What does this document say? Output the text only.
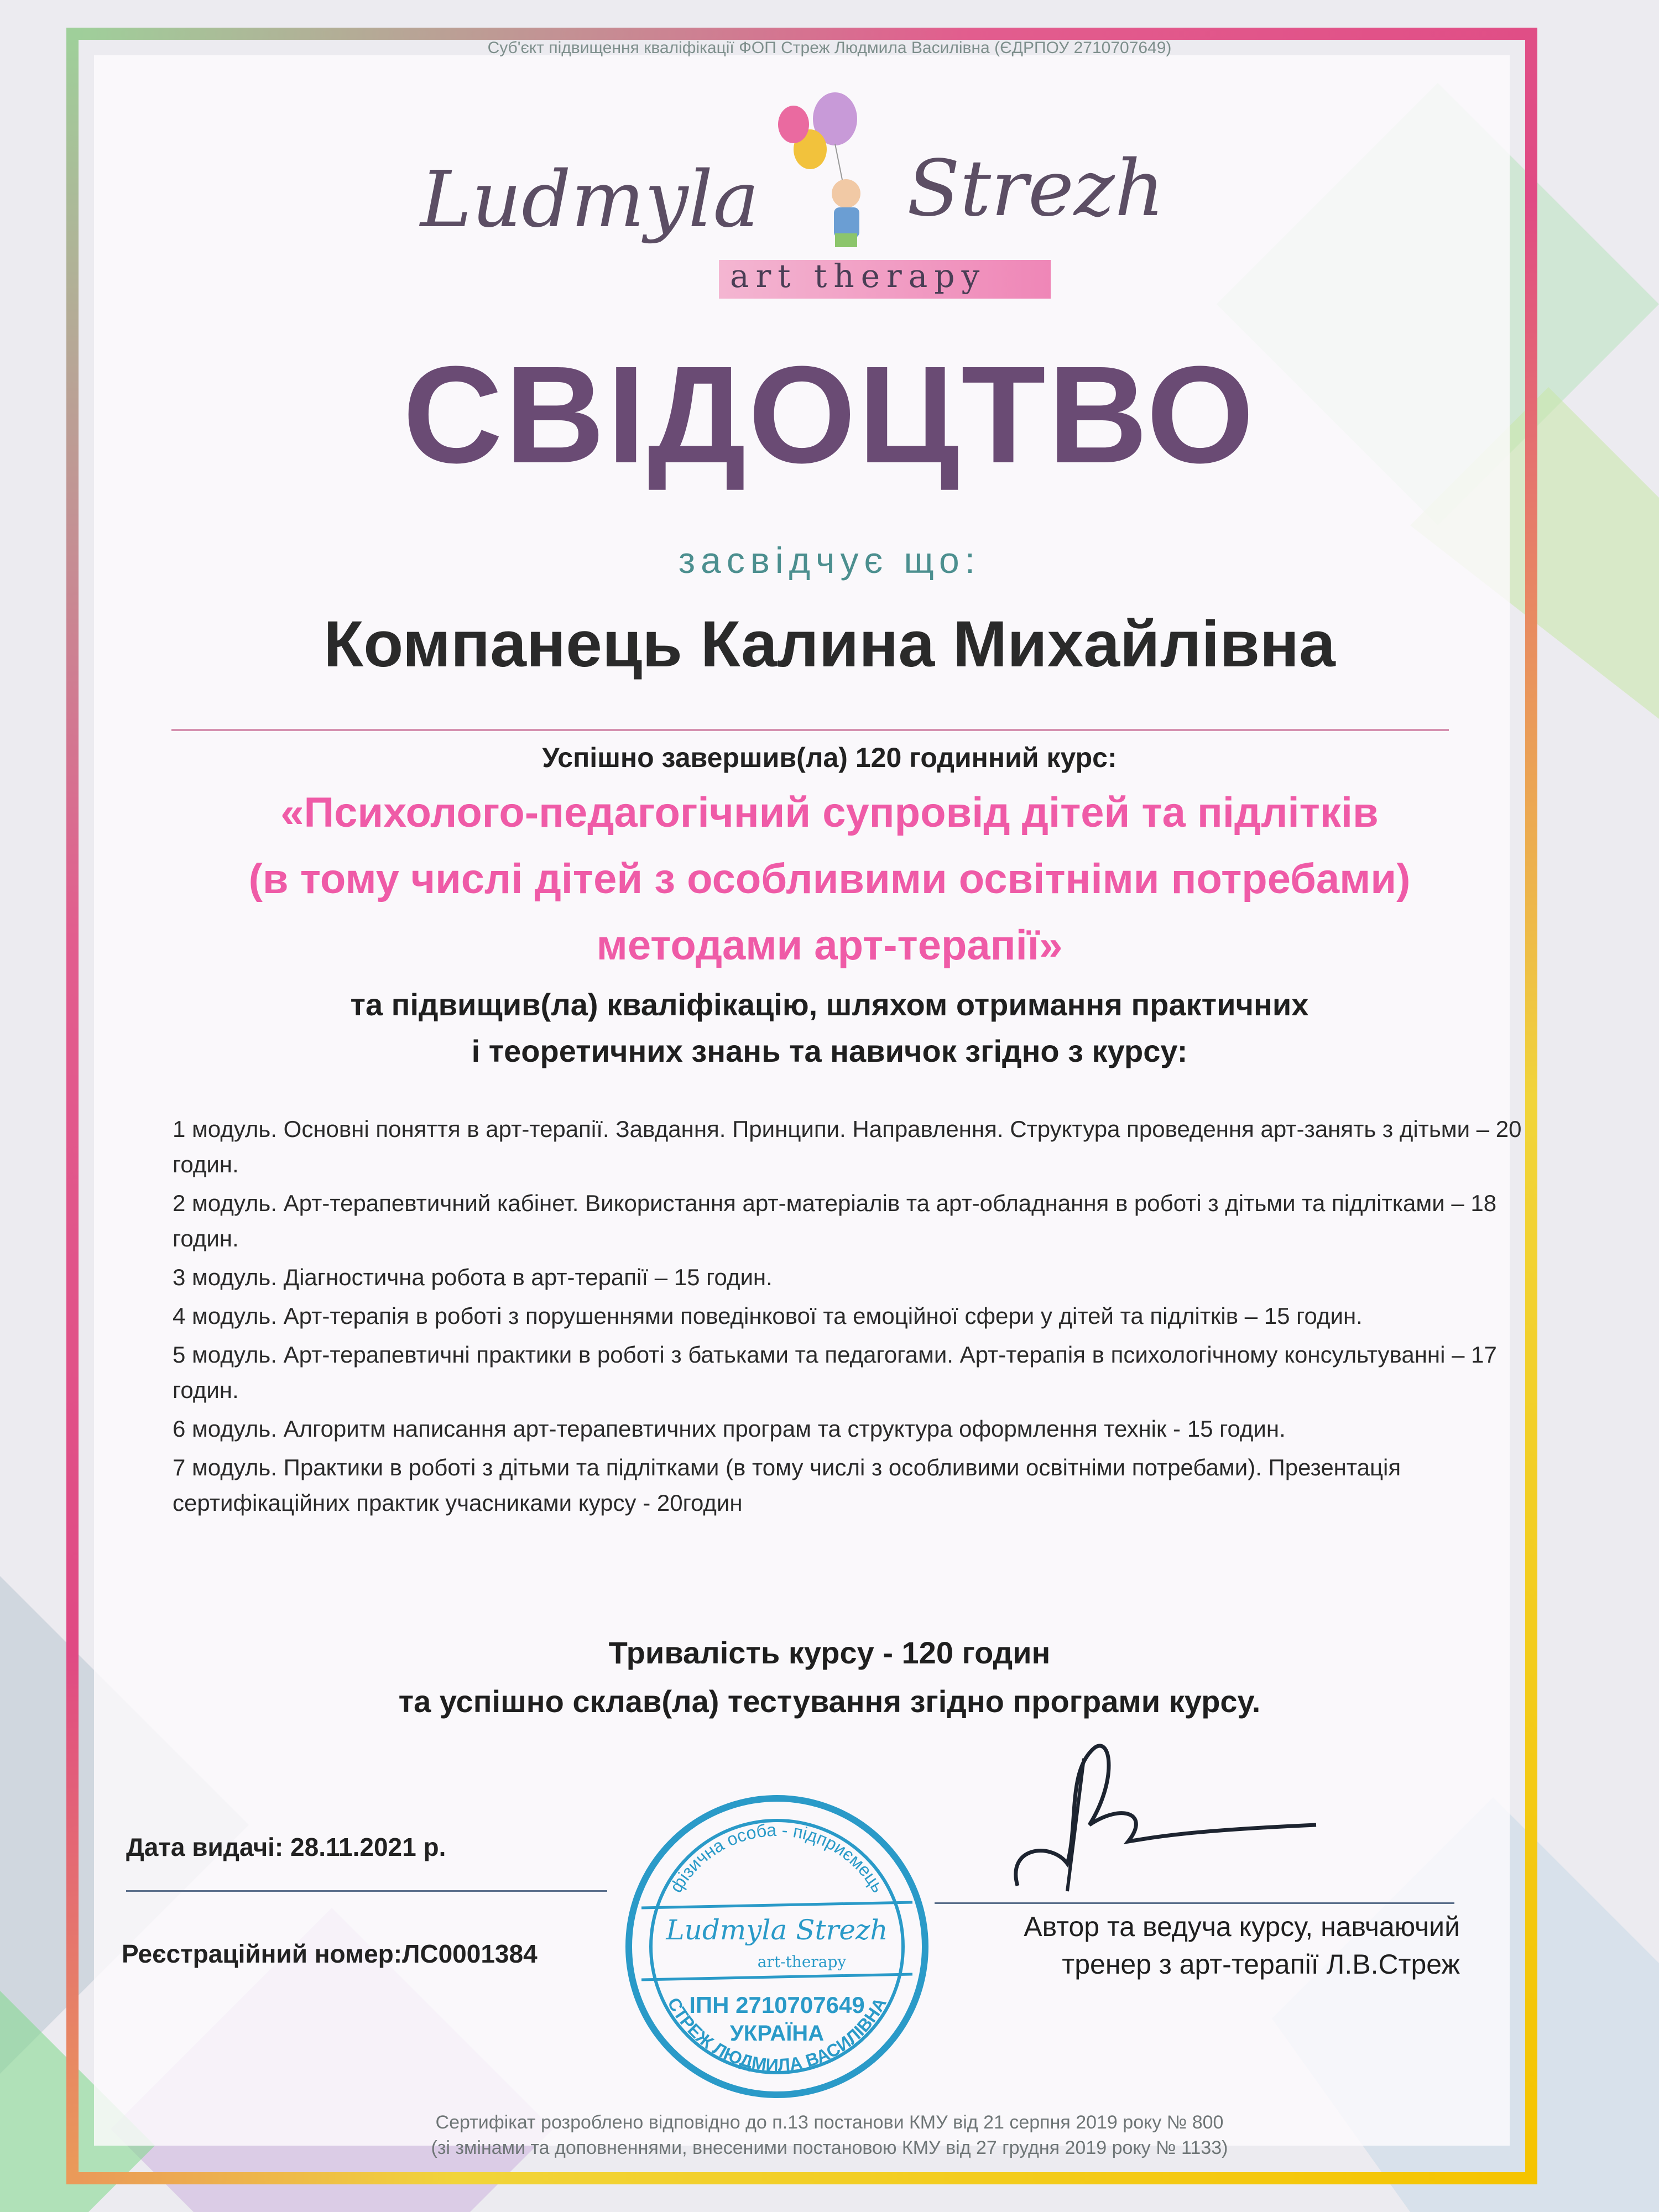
Суб'єкт підвищення кваліфікації ФОП Стреж Людмила Василівна (ЄДРПОУ 2710707649)
Ludmyla Strezh
art therapy
СВІДОЦТВО
засвідчує що:
Компанець Калина Михайлівна
Успішно завершив(ла) 120 годинний курс:
«Психолого-педагогічний супровід дітей та підлітків
(в тому числі дітей з особливими освітніми потребами)
методами арт-терапії»
та підвищив(ла) кваліфікацію, шляхом отримання практичних
і теоретичних знань та навичок згідно з курсу:
1 модуль. Основні поняття в арт-терапії. Завдання. Принципи. Направлення. Структура проведення арт-занять з дітьми – 20 годин.
2 модуль. Арт-терапевтичний кабінет. Використання арт-матеріалів та арт-обладнання в роботі з дітьми та підлітками – 18 годин.
3 модуль. Діагностична робота в арт-терапії – 15 годин.
4 модуль. Арт-терапія в роботі з порушеннями поведінкової та емоційної сфери у дітей та підлітків – 15 годин.
5 модуль. Арт-терапевтичні практики в роботі з батьками та педагогами. Арт-терапія в психологічному консультуванні – 17 годин.
6 модуль. Алгоритм написання арт-терапевтичних програм та структура оформлення технік - 15 годин.
7 модуль. Практики в роботі з дітьми та підлітками (в тому числі з особливими освітніми потребами). Презентація сертифікаційних практик учасниками курсу - 20годин
Тривалість курсу - 120 годин
та успішно склав(ла) тестування згідно програми курсу.
Дата видачі: 28.11.2021 р.
Реєстраційний номер:ЛС0001384
фізична особа - підприємець
СТРЕЖ ЛЮДМИЛА ВАСИЛІВНА
Ludmyla Strezh
art-therapy
ІПН 2710707649
УКРАЇНА
Автор та ведуча курсу, навчаючий
тренер з арт-терапії Л.В.Стреж
Сертифікат розроблено відповідно до п.13 постанови КМУ від 21 серпня 2019 року № 800
(зі змінами та доповненнями, внесеними постановою КМУ від 27 грудня 2019 року № 1133)
